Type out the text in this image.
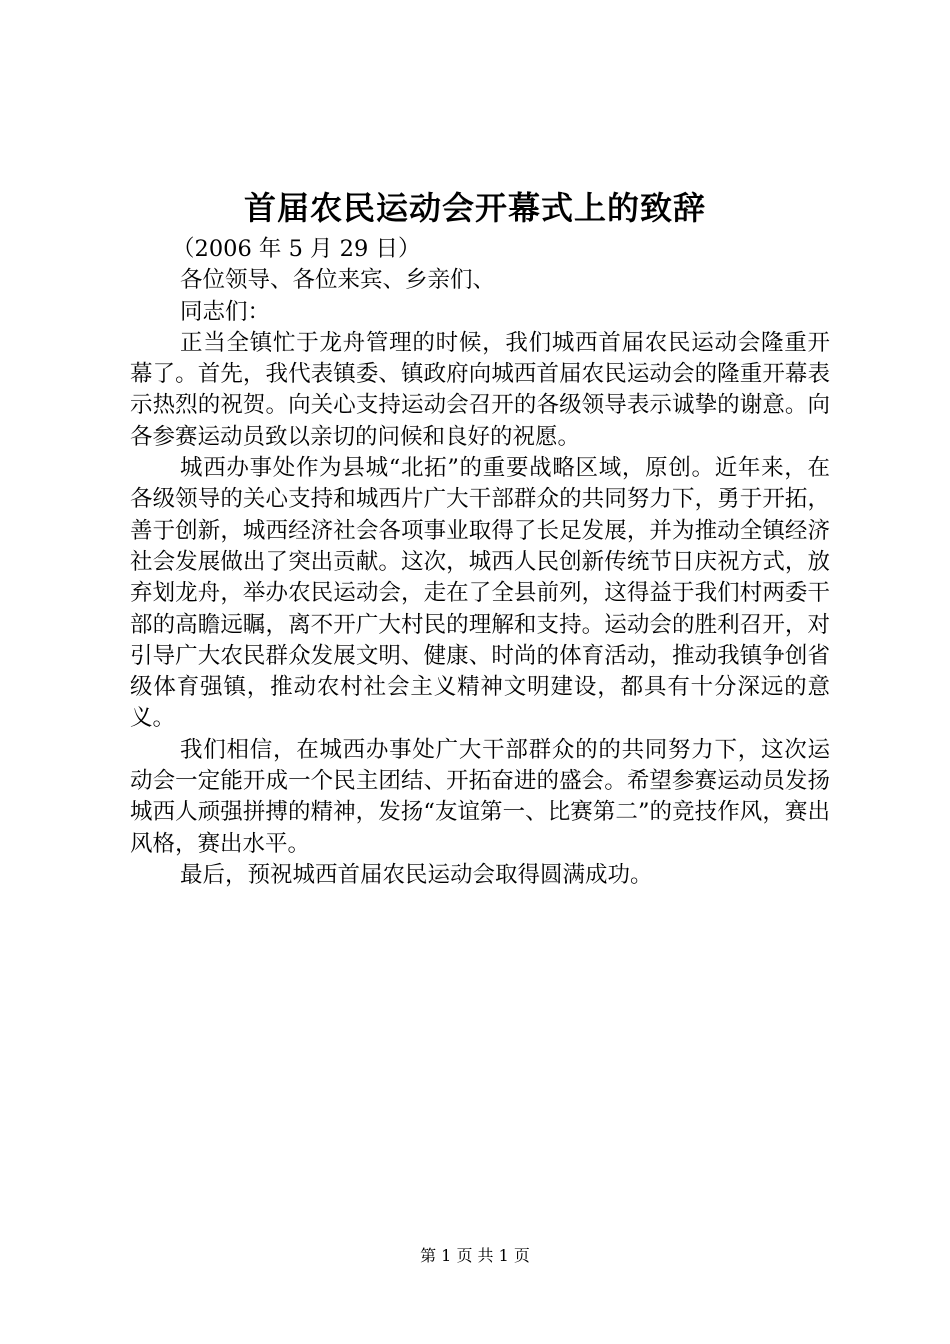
首届农民运动会开幕式上的致辞

（2006 年 5 月 29 日）

各位领导、各位来宾、乡亲们、

同志们：

正当全镇忙于龙舟管理的时候，我们城西首届农民运动会隆重开幕了。首先，我代表镇委、镇政府向城西首届农民运动会的隆重开幕表示热烈的祝贺。向关心支持运动会召开的各级领导表示诚挚的谢意。向各参赛运动员致以亲切的问候和良好的祝愿。

城西办事处作为县城“北拓”的重要战略区域，原创。近年来，在各级领导的关心支持和城西片广大干部群众的共同努力下，勇于开拓，善于创新，城西经济社会各项事业取得了长足发展，并为推动全镇经济社会发展做出了突出贡献。这次，城西人民创新传统节日庆祝方式，放弃划龙舟，举办农民运动会，走在了全县前列，这得益于我们村两委干部的高瞻远瞩，离不开广大村民的理解和支持。运动会的胜利召开，对引导广大农民群众发展文明、健康、时尚的体育活动，推动我镇争创省级体育强镇，推动农村社会主义精神文明建设，都具有十分深远的意义。

我们相信，在城西办事处广大干部群众的的共同努力下，这次运动会一定能开成一个民主团结、开拓奋进的盛会。希望参赛运动员发扬城西人顽强拼搏的精神，发扬“友谊第一、比赛第二”的竞技作风，赛出风格，赛出水平。

最后，预祝城西首届农民运动会取得圆满成功。

第 1 页 共 1 页
